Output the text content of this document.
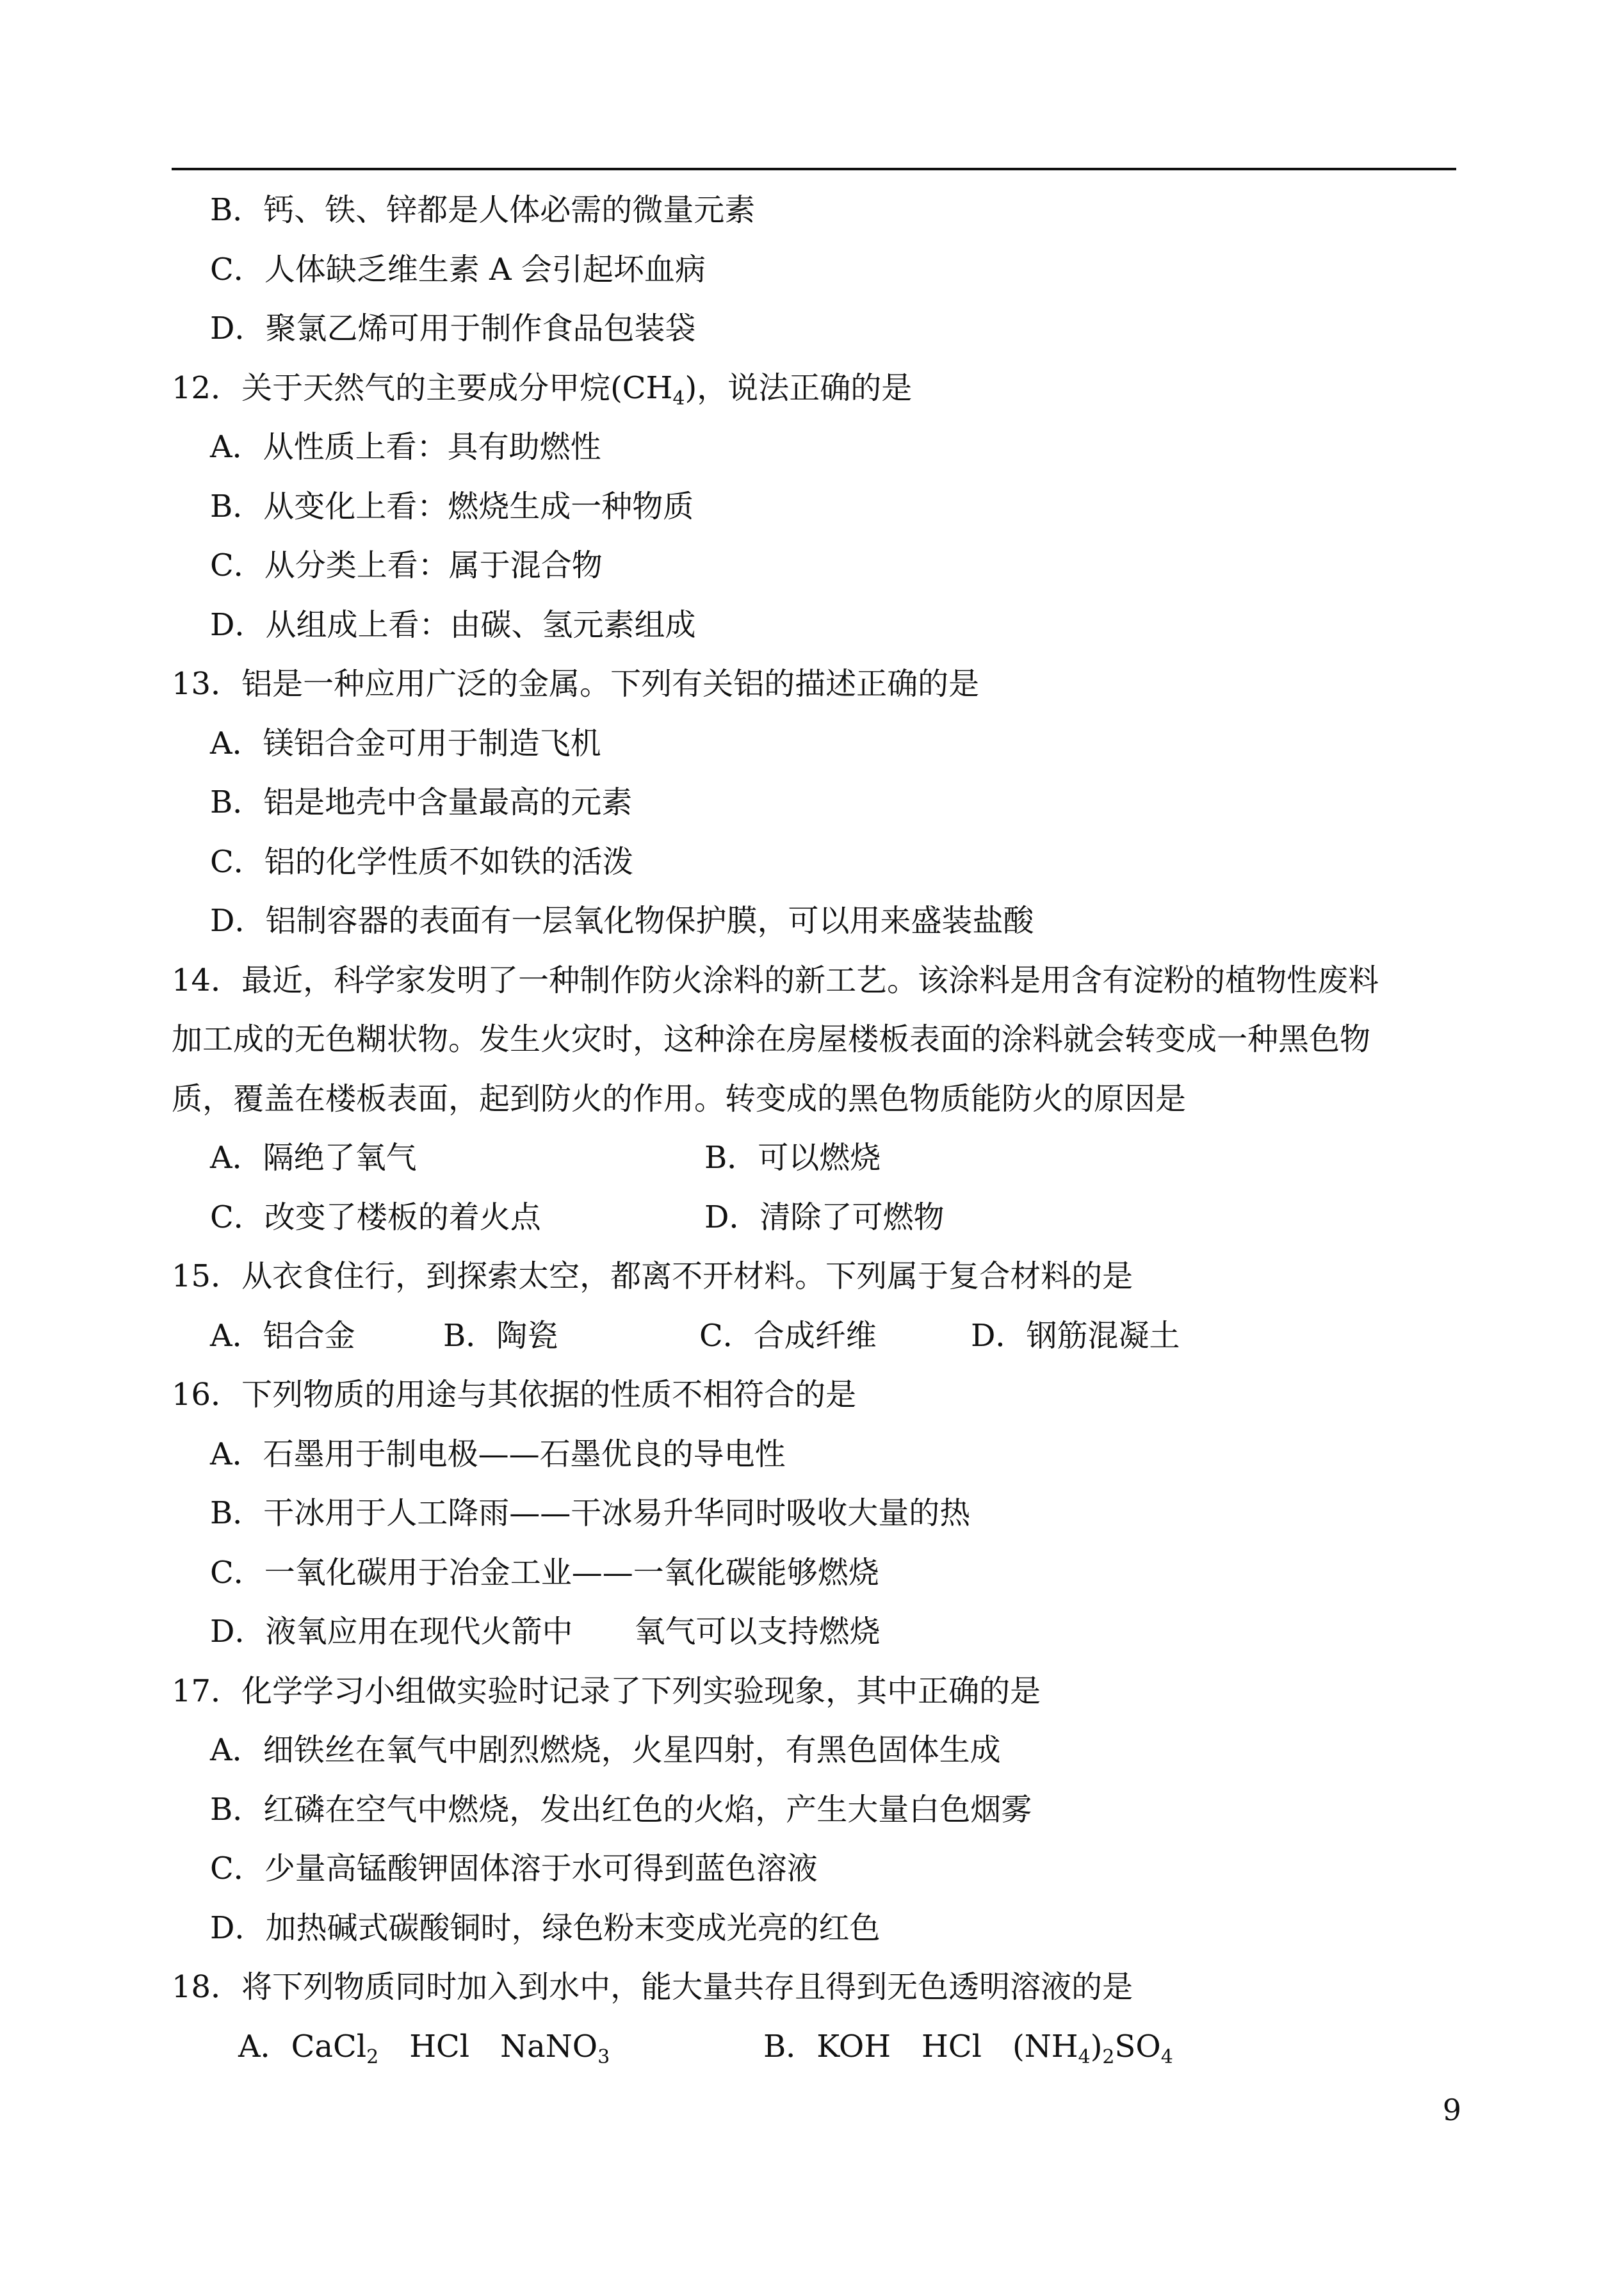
B．钙、铁、锌都是人体必需的微量元素
C．人体缺乏维生素 A 会引起坏血病
D．聚氯乙烯可用于制作食品包装袋
12．关于天然气的主要成分甲烷$(CH_4)$，说法正确的是
A．从性质上看：具有助燃性
B．从变化上看：燃烧生成一种物质
C．从分类上看：属于混合物
D．从组成上看：由碳、氢元素组成
13．铝是一种应用广泛的金属。下列有关铝的描述正确的是
A．镁铝合金可用于制造飞机
B．铝是地壳中含量最高的元素
C．铝的化学性质不如铁的活泼
D．铝制容器的表面有一层氧化物保护膜，可以用来盛装盐酸
14．最近，科学家发明了一种制作防火涂料的新工艺。该涂料是用含有淀粉的植物性废料
加工成的无色糊状物。发生火灾时，这种涂在房屋楼板表面的涂料就会转变成一种黑色物
质，覆盖在楼板表面，起到防火的作用。转变成的黑色物质能防火的原因是
A．隔绝了氧气	B．可以燃烧
C．改变了楼板的着火点	D．清除了可燃物
15．从衣食住行，到探索太空，都离不开材料。下列属于复合材料的是
A．铝合金	B．陶瓷	C．合成纤维	D．钢筋混凝土
16．下列物质的用途与其依据的性质不相符合的是
A．石墨用于制电极——石墨优良的导电性
B．干冰用于人工降雨——干冰易升华同时吸收大量的热
C．一氧化碳用于冶金工业——一氧化碳能够燃烧
D．液氧应用在现代火箭中　　氧气可以支持燃烧
17．化学学习小组做实验时记录了下列实验现象，其中正确的是
A．细铁丝在氧气中剧烈燃烧，火星四射，有黑色固体生成
B．红磷在空气中燃烧，发出红色的火焰，产生大量白色烟雾
C．少量高锰酸钾固体溶于水可得到蓝色溶液
D．加热碱式碳酸铜时，绿色粉末变成光亮的红色
18．将下列物质同时加入到水中，能大量共存且得到无色透明溶液的是
A．CaCl$_2$　HCl　NaNO$_3$	B．KOH　HCl　$(NH_4)_2SO_4$
9
